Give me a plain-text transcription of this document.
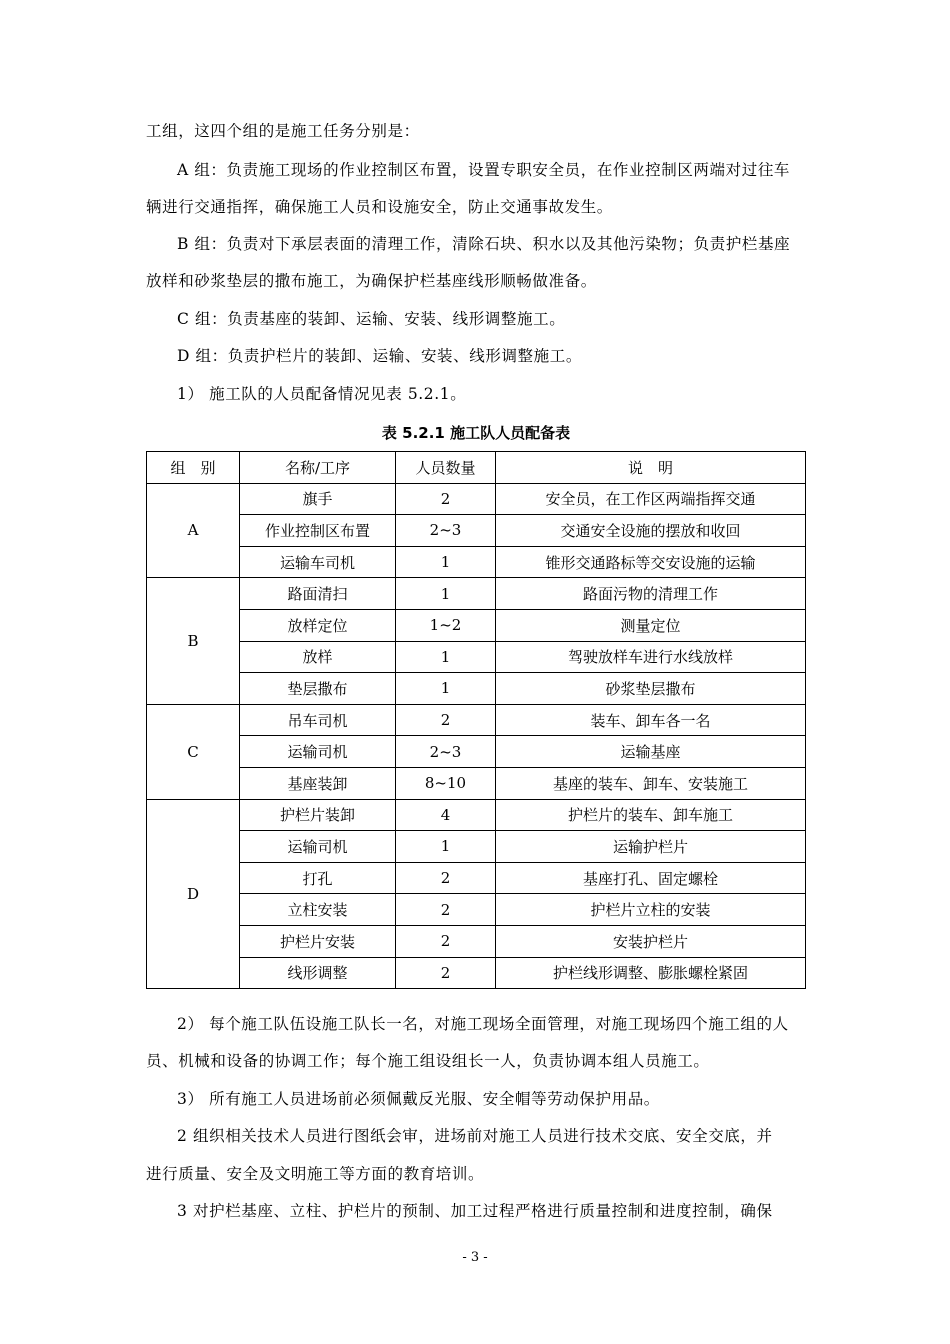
工组，这四个组的是施工任务分别是：

A 组：负责施工现场的作业控制区布置，设置专职安全员，在作业控制区两端对过往车

辆进行交通指挥，确保施工人员和设施安全，防止交通事故发生。

B 组：负责对下承层表面的清理工作，清除石块、积水以及其他污染物；负责护栏基座

放样和砂浆垫层的撒布施工，为确保护栏基座线形顺畅做准备。

C 组：负责基座的装卸、运输、安装、线形调整施工。

D 组：负责护栏片的装卸、运输、安装、线形调整施工。

1） 施工队的人员配备情况见表 5.2.1。

表 5.2.1 施工队人员配备表
组　别	名称/工序	人员数量	说　明
A	旗手	2	安全员，在工作区两端指挥交通
	作业控制区布置	2~3	交通安全设施的摆放和收回
	运输车司机	1	锥形交通路标等交安设施的运输
B	路面清扫	1	路面污物的清理工作
	放样定位	1~2	测量定位
	放样	1	驾驶放样车进行水线放样
	垫层撒布	1	砂浆垫层撒布
C	吊车司机	2	装车、卸车各一名
	运输司机	2~3	运输基座
	基座装卸	8~10	基座的装车、卸车、安装施工
D	护栏片装卸	4	护栏片的装车、卸车施工
	运输司机	1	运输护栏片
	打孔	2	基座打孔、固定螺栓
	立柱安装	2	护栏片立柱的安装
	护栏片安装	2	安装护栏片
	线形调整	2	护栏线形调整、膨胀螺栓紧固

2） 每个施工队伍设施工队长一名，对施工现场全面管理，对施工现场四个施工组的人

员、机械和设备的协调工作；每个施工组设组长一人，负责协调本组人员施工。

3） 所有施工人员进场前必须佩戴反光服、安全帽等劳动保护用品。

2 组织相关技术人员进行图纸会审，进场前对施工人员进行技术交底、安全交底，并

进行质量、安全及文明施工等方面的教育培训。

3 对护栏基座、立柱、护栏片的预制、加工过程严格进行质量控制和进度控制，确保

- 3 -
